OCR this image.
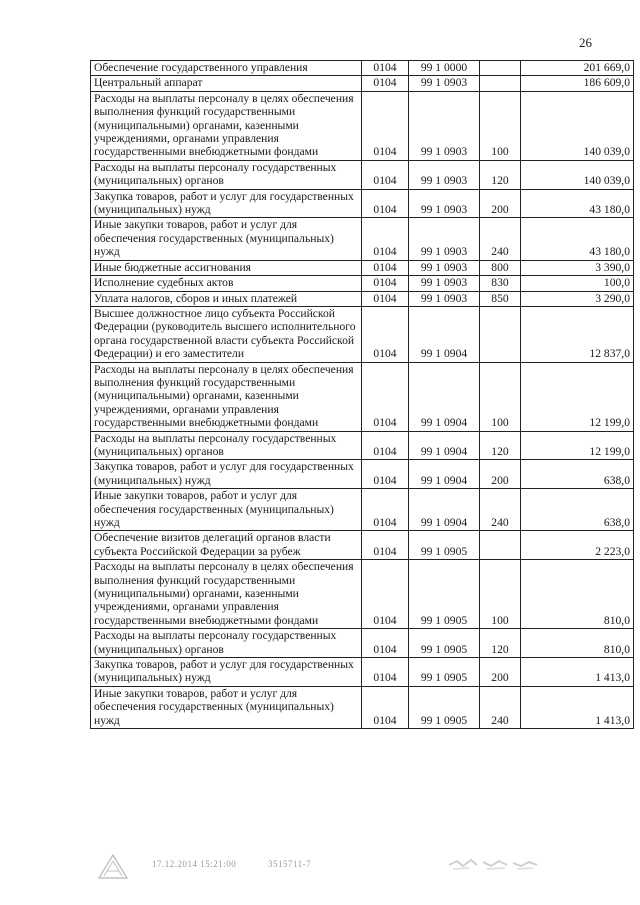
26
Обеспечение государственного управления	0104	99 1 0000		201 669,0
Центральный аппарат	0104	99 1 0903		186 609,0
Расходы на выплаты персоналу в целях обеспечения выполнения функций государственными (муниципальными) органами, казенными учреждениями, органами управления государственными внебюджетными фондами	0104	99 1 0903	100	140 039,0
Расходы на выплаты персоналу государственных (муниципальных) органов	0104	99 1 0903	120	140 039,0
Закупка товаров, работ и услуг для государственных (муниципальных) нужд	0104	99 1 0903	200	43 180,0
Иные закупки товаров, работ и услуг для обеспечения государственных (муниципальных) нужд	0104	99 1 0903	240	43 180,0
Иные бюджетные ассигнования	0104	99 1 0903	800	3 390,0
Исполнение судебных актов	0104	99 1 0903	830	100,0
Уплата налогов, сборов и иных платежей	0104	99 1 0903	850	3 290,0
Высшее должностное лицо субъекта Российской Федерации (руководитель высшего исполнительного органа государственной власти субъекта Российской Федерации) и его заместители	0104	99 1 0904		12 837,0
Расходы на выплаты персоналу в целях обеспечения выполнения функций государственными (муниципальными) органами, казенными учреждениями, органами управления государственными внебюджетными фондами	0104	99 1 0904	100	12 199,0
Расходы на выплаты персоналу государственных (муниципальных) органов	0104	99 1 0904	120	12 199,0
Закупка товаров, работ и услуг для государственных (муниципальных) нужд	0104	99 1 0904	200	638,0
Иные закупки товаров, работ и услуг для обеспечения государственных (муниципальных) нужд	0104	99 1 0904	240	638,0
Обеспечение визитов делегаций органов власти субъекта Российской Федерации за рубеж	0104	99 1 0905		2 223,0
Расходы на выплаты персоналу в целях обеспечения выполнения функций государственными (муниципальными) органами, казенными учреждениями, органами управления государственными внебюджетными фондами	0104	99 1 0905	100	810,0
Расходы на выплаты персоналу государственных (муниципальных) органов	0104	99 1 0905	120	810,0
Закупка товаров, работ и услуг для государственных (муниципальных) нужд	0104	99 1 0905	200	1 413,0
Иные закупки товаров, работ и услуг для обеспечения государственных (муниципальных) нужд	0104	99 1 0905	240	1 413,0
17.12.2014 15:21:00	3515711-7
